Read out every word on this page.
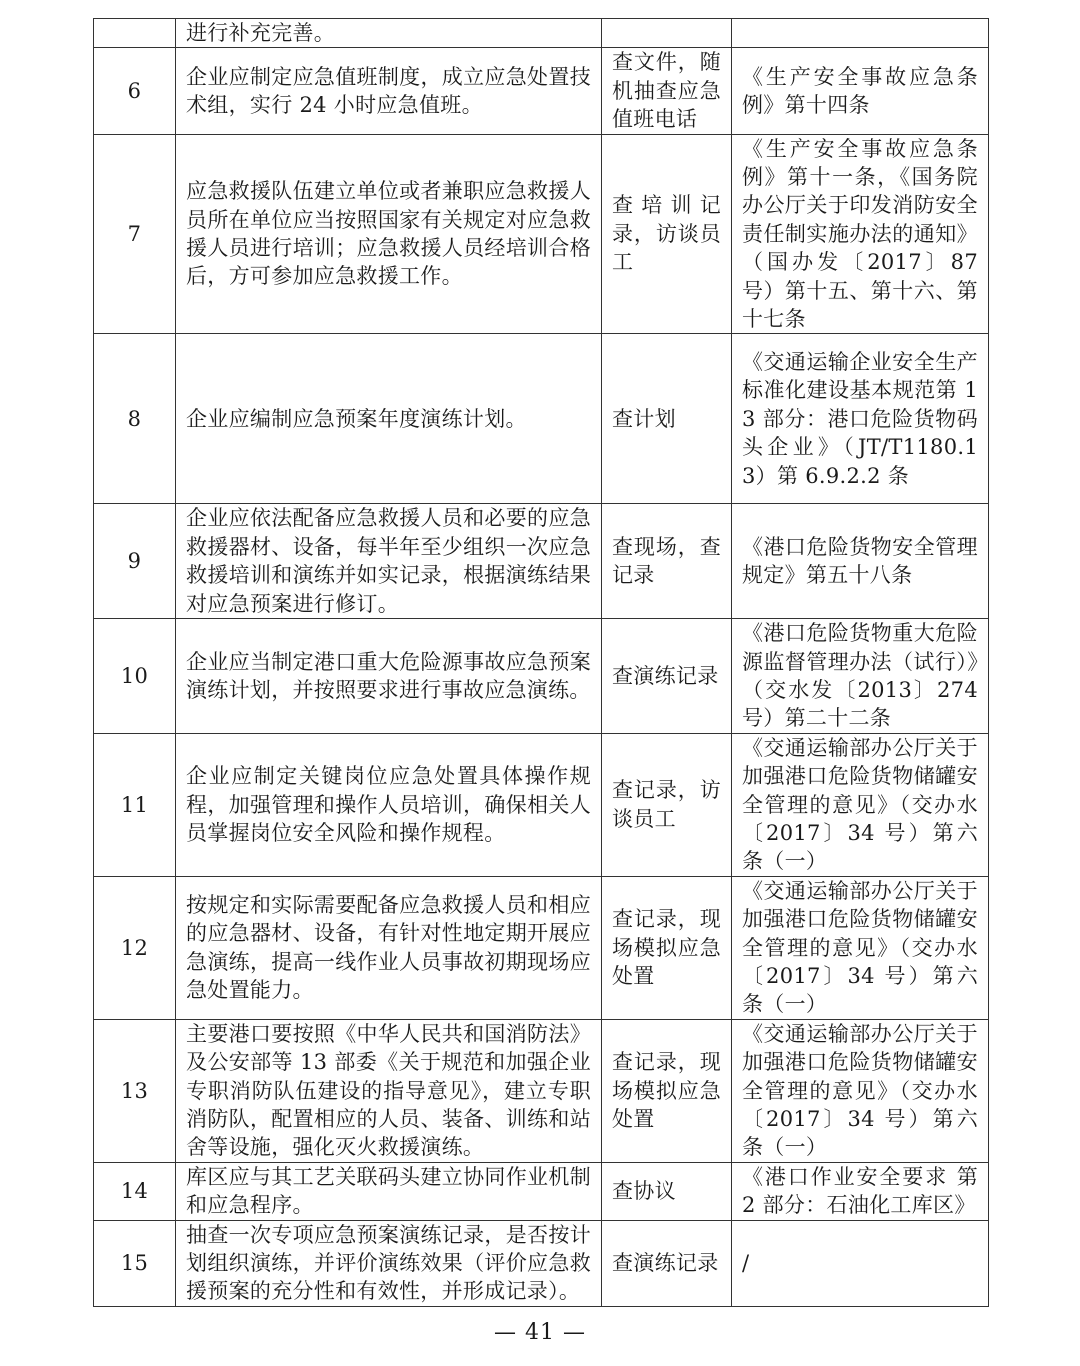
	进行补充完善。		
6	企业应制定应急值班制度，成立应急处置技术组，实行 24 小时应急值班。	查文件，随机抽查应急值班电话	《生产安全事故应急条例》第十四条
7	应急救援队伍建立单位或者兼职应急救援人员所在单位应当按照国家有关规定对应急救援人员进行培训；应急救援人员经培训合格后，方可参加应急救援工作。	查培训记录，访谈员工	《生产安全事故应急条例》第十一条，《国务院办公厅关于印发消防安全责任制实施办法的通知》（国办发〔2017〕87号）第十五、第十六、第十七条
8	企业应编制应急预案年度演练计划。	查计划	《交通运输企业安全生产标准化建设基本规范第 13 部分：港口危险货物码头企业》（JT/T1180.13）第 6.9.2.2 条
9	企业应依法配备应急救援人员和必要的应急救援器材、设备，每半年至少组织一次应急救援培训和演练并如实记录，根据演练结果对应急预案进行修订。	查现场，查记录	《港口危险货物安全管理规定》第五十八条
10	企业应当制定港口重大危险源事故应急预案演练计划，并按照要求进行事故应急演练。	查演练记录	《港口危险货物重大危险源监督管理办法（试行）》（交水发〔2013〕274 号）第二十二条
11	企业应制定关键岗位应急处置具体操作规程，加强管理和操作人员培训，确保相关人员掌握岗位安全风险和操作规程。	查记录，访谈员工	《交通运输部办公厅关于加强港口危险货物储罐安全管理的意见》（交办水〔2017〕34 号）第六条（一）
12	按规定和实际需要配备应急救援人员和相应的应急器材、设备，有针对性地定期开展应急演练，提高一线作业人员事故初期现场应急处置能力。	查记录，现场模拟应急处置	《交通运输部办公厅关于加强港口危险货物储罐安全管理的意见》（交办水〔2017〕34 号）第六条（一）
13	主要港口要按照《中华人民共和国消防法》及公安部等 13 部委《关于规范和加强企业专职消防队伍建设的指导意见》，建立专职消防队，配置相应的人员、装备、训练和站舍等设施，强化灭火救援演练。	查记录，现场模拟应急处置	《交通运输部办公厅关于加强港口危险货物储罐安全管理的意见》（交办水〔2017〕34 号）第六条（一）
14	库区应与其工艺关联码头建立协同作业机制和应急程序。	查协议	《港口作业安全要求 第 2 部分：石油化工库区》
15	抽查一次专项应急预案演练记录，是否按计划组织演练，并评价演练效果（评价应急救援预案的充分性和有效性，并形成记录）。	查演练记录	/
— 41 —
